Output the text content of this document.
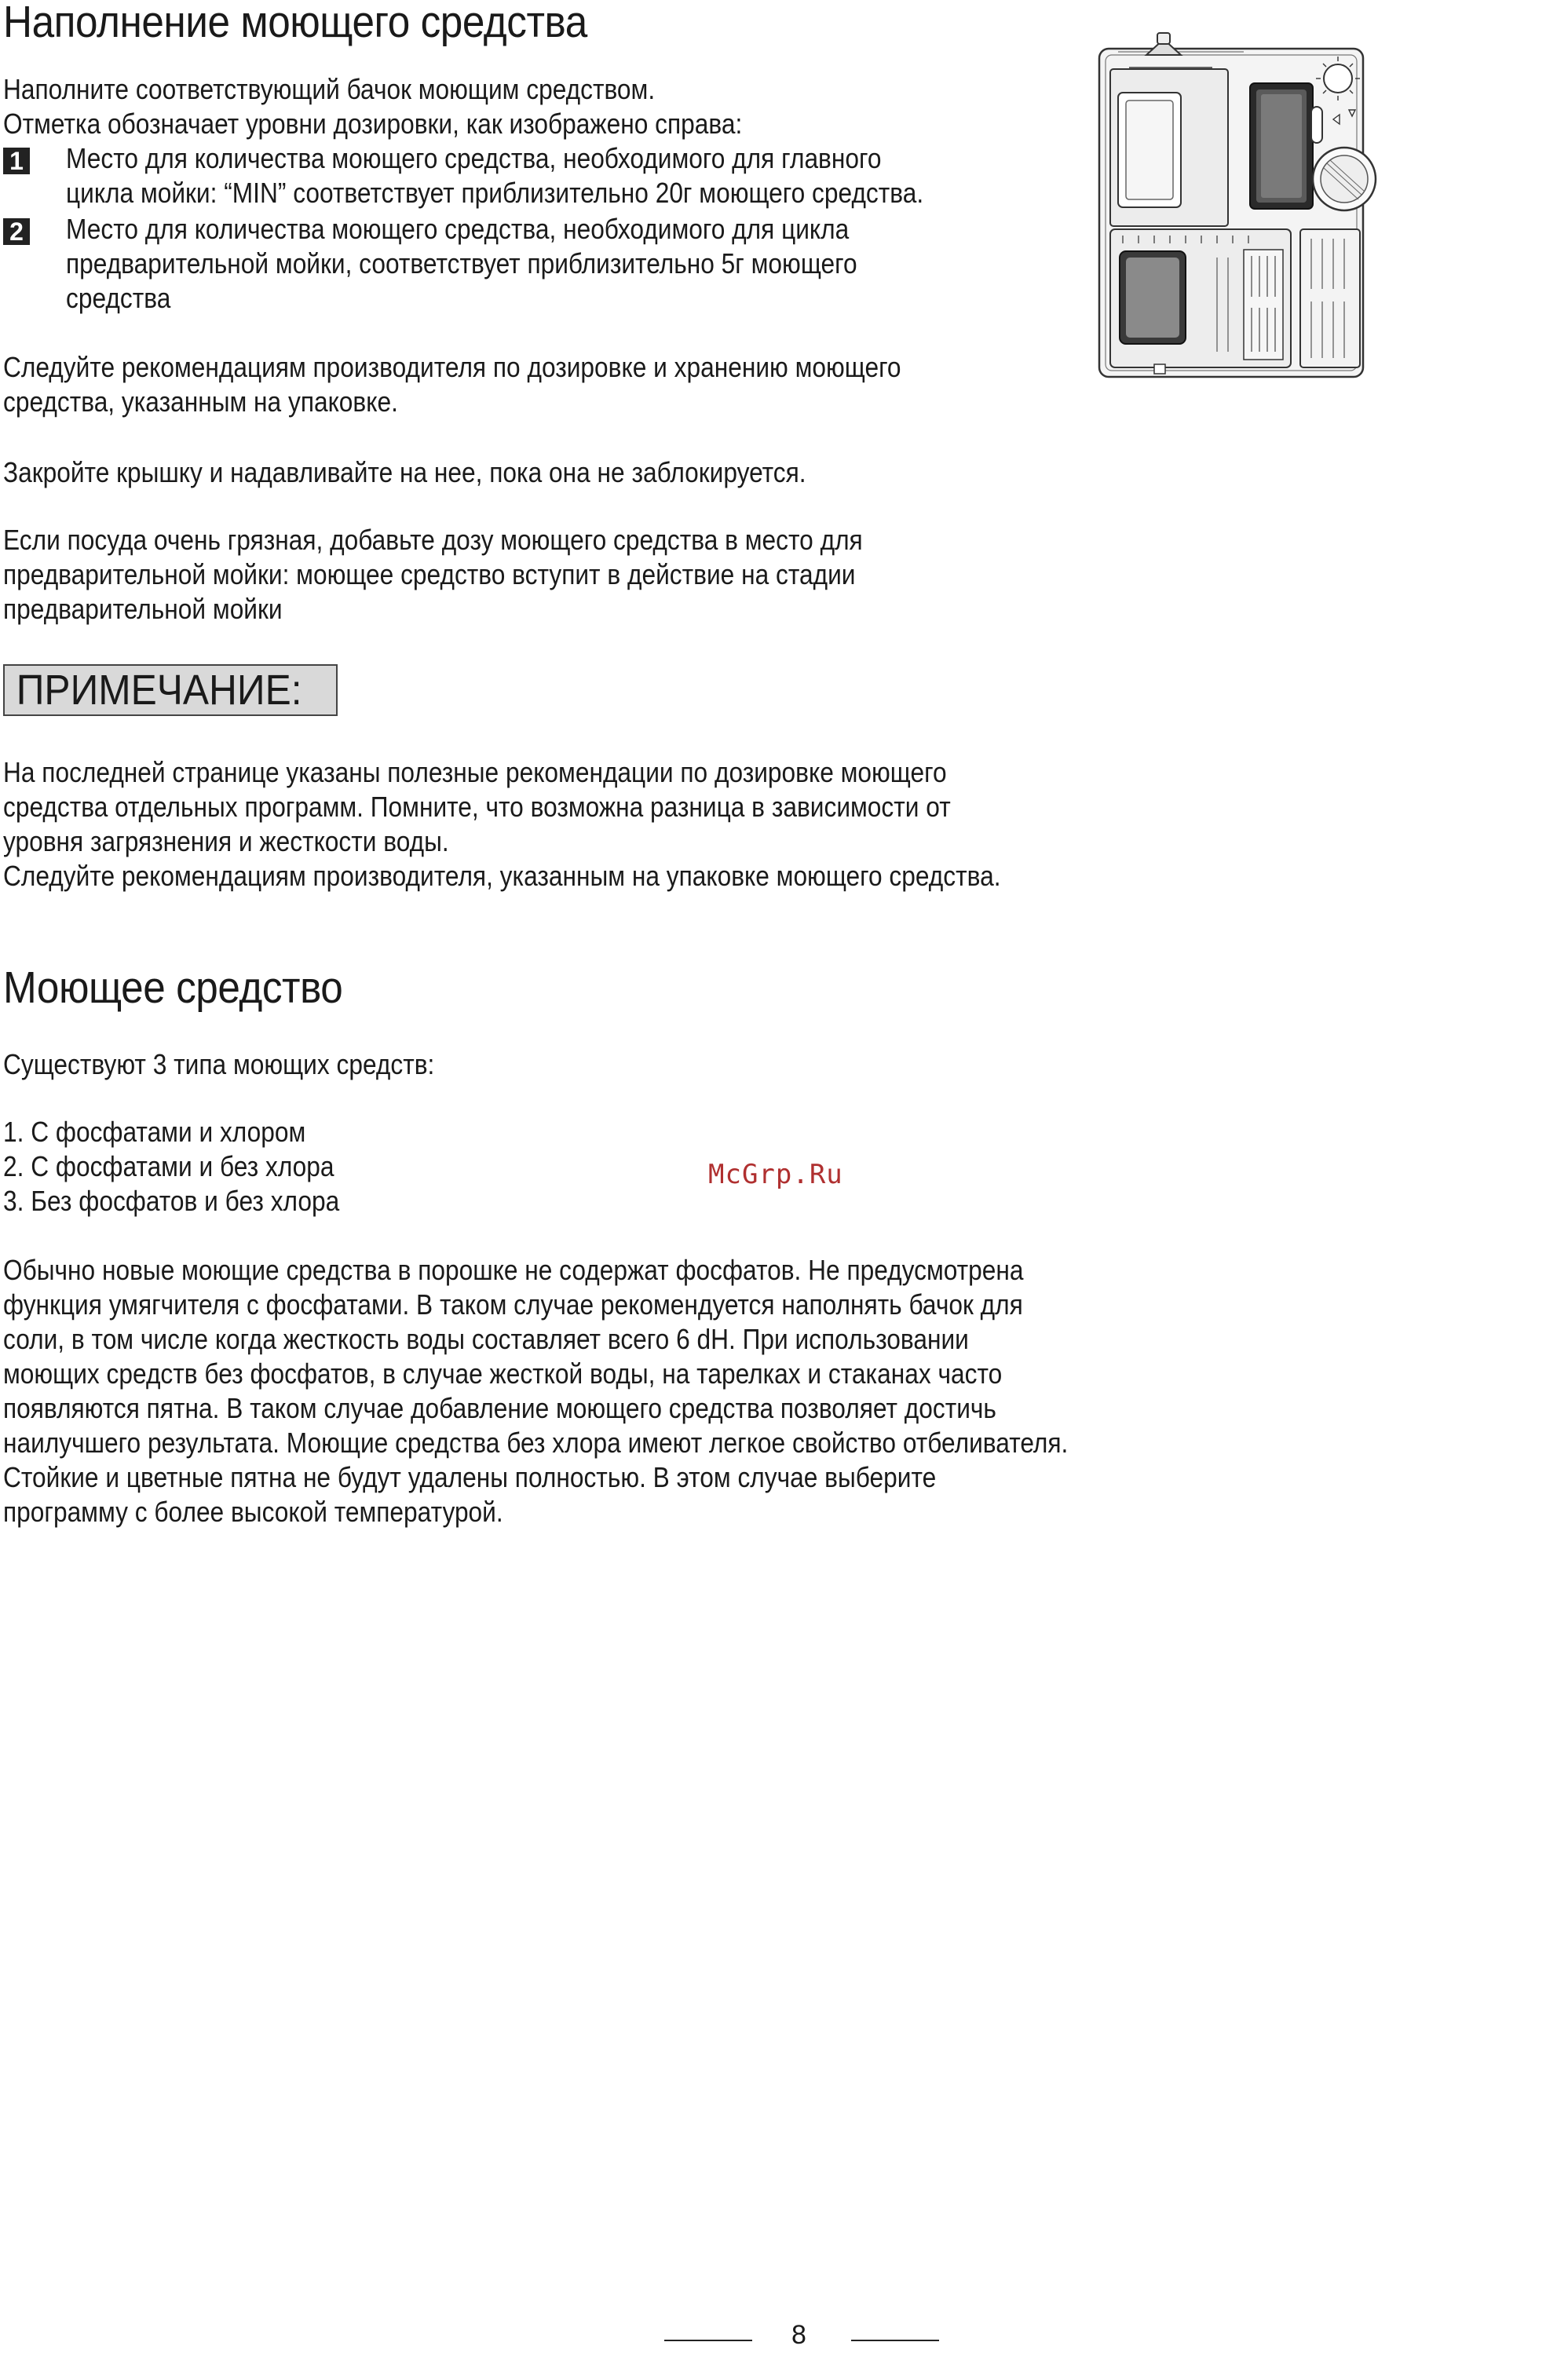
Наполнение моющего средства

Наполните соответствующий бачок моющим средством.

Отметка обозначает уровни дозировки, как изображено справа:

1 Место для количества моющего средства, необходимого для главного

цикла мойки: “MIN” соответствует приблизительно 20г моющего средства.

2 Место для количества моющего средства, необходимого для цикла

предварительной мойки, соответствует приблизительно 5г моющего

средства

Следуйте рекомендациям производителя по дозировке и хранению моющего

средства, указанным на упаковке.

Закройте крышку и надавливайте на нее, пока она не заблокируется.

Если посуда очень грязная, добавьте дозу моющего средства в место для

предварительной мойки: моющее средство вступит в действие на стадии

предварительной мойки

ПРИМЕЧАНИЕ:

На последней странице указаны полезные рекомендации по дозировке моющего

средства отдельных программ. Помните, что возможна разница в зависимости от

уровня загрязнения и жесткости воды.

Следуйте рекомендациям производителя, указанным на упаковке моющего средства.

Моющее средство

Существуют 3 типа моющих средств:

1. С фосфатами и хлором

2. С фосфатами и без хлора

3. Без фосфатов и без хлора

McGrp.Ru

Обычно новые моющие средства в порошке не содержат фосфатов. Не предусмотрена

функция умягчителя с фосфатами. В таком случае рекомендуется наполнять бачок для

соли, в том числе когда жесткость воды составляет всего 6 dH. При использовании

моющих средств без фосфатов, в случае жесткой воды, на тарелках и стаканах часто

появляются пятна. В таком случае добавление моющего средства позволяет достичь

наилучшего результата. Моющие средства без хлора имеют легкое свойство отбеливателя.

Стойкие и цветные пятна не будут удалены полностью. В этом случае выберите

программу с более высокой температурой.

8
